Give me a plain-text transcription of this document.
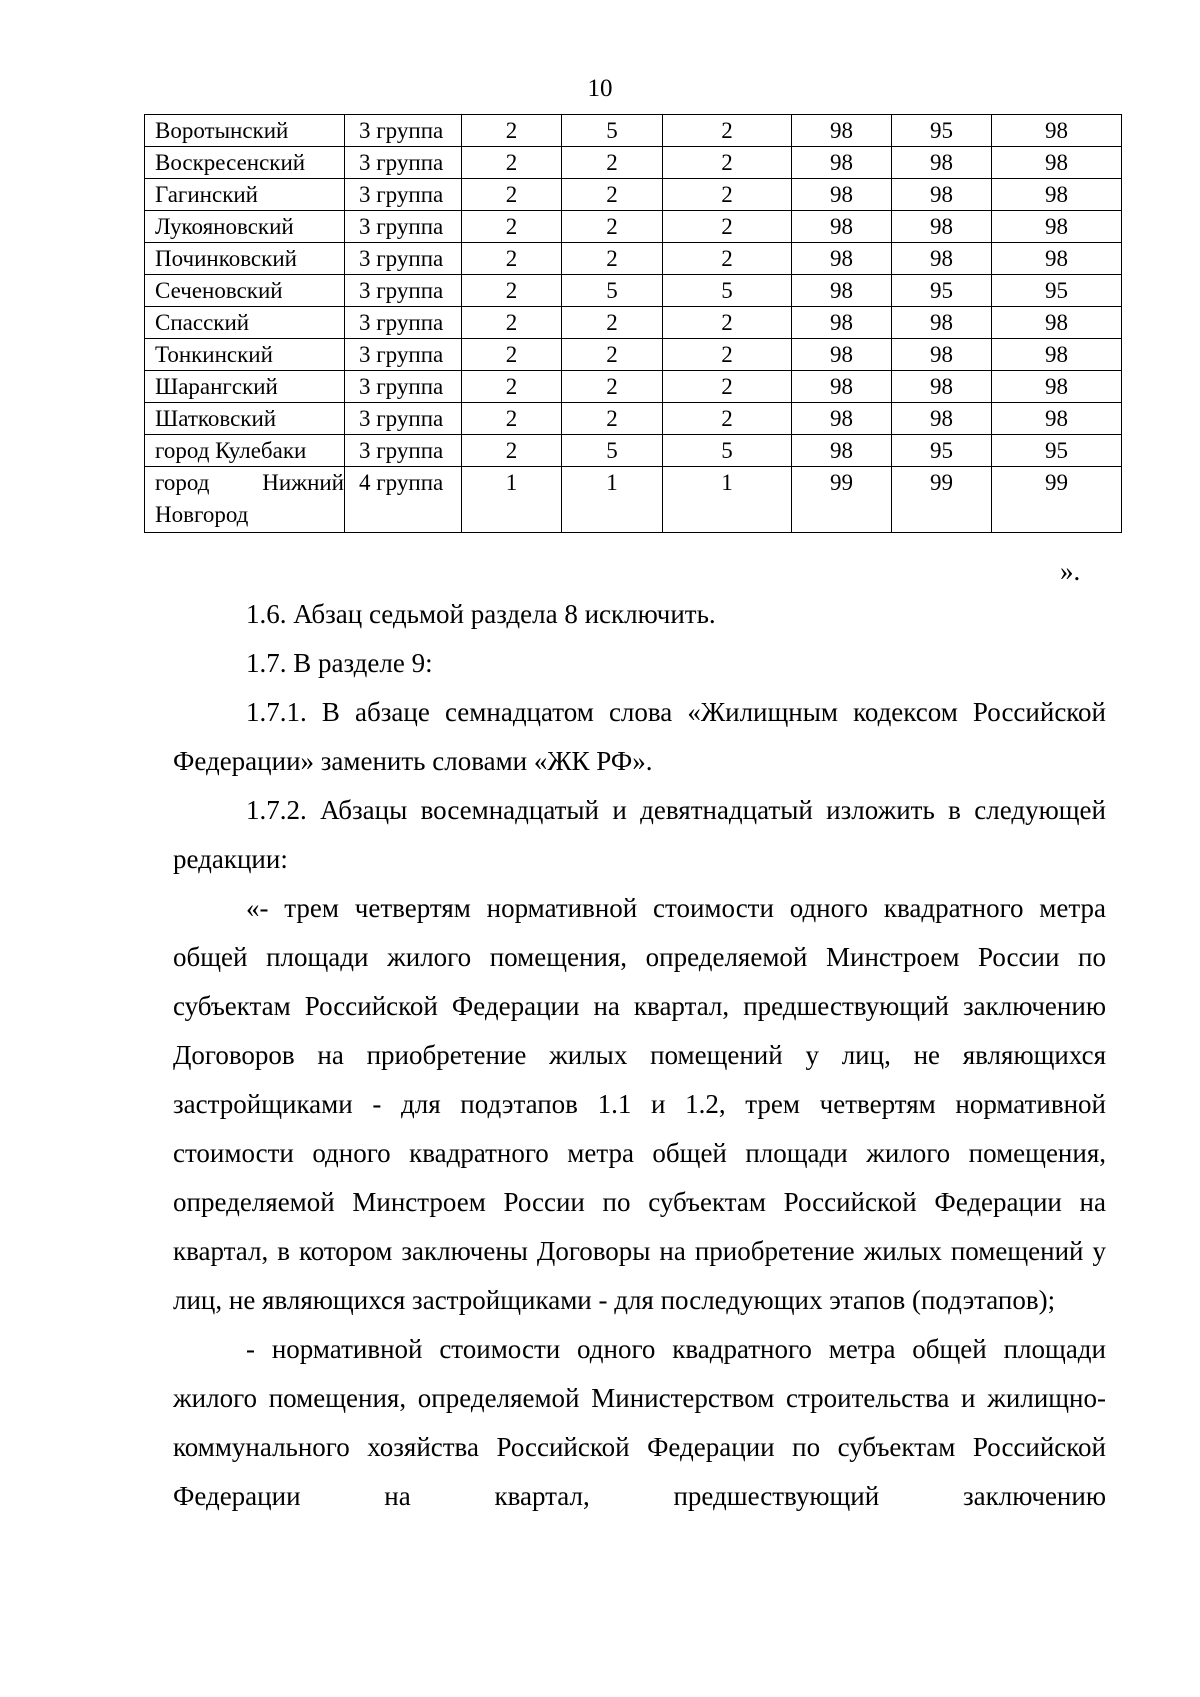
10
Воротынский	3 группа	2	5	2	98	95	98
Воскресенский	3 группа	2	2	2	98	98	98
Гагинский	3 группа	2	2	2	98	98	98
Лукояновский	3 группа	2	2	2	98	98	98
Починковский	3 группа	2	2	2	98	98	98
Сеченовский	3 группа	2	5	5	98	95	95
Спасский	3 группа	2	2	2	98	98	98
Тонкинский	3 группа	2	2	2	98	98	98
Шарангский	3 группа	2	2	2	98	98	98
Шатковский	3 группа	2	2	2	98	98	98
город Кулебаки	3 группа	2	5	5	98	95	95

город Нижний
Новгород	4 группа	1	1	1	99	99	99
».

1.6. Абзац седьмой раздела 8 исключить.

1.7. В разделе 9:

1.7.1. В абзаце семнадцатом слова «Жилищным кодексом Российской Федерации» заменить словами «ЖК РФ».

1.7.2. Абзацы восемнадцатый и девятнадцатый изложить в следующей редакции:

«- трем четвертям нормативной стоимости одного квадратного метра общей площади жилого помещения, определяемой Минстроем России по субъектам Российской Федерации на квартал, предшествующий заключению Договоров на приобретение жилых помещений у лиц, не являющихся застройщиками - для подэтапов 1.1 и 1.2, трем четвертям нормативной стоимости одного квадратного метра общей площади жилого помещения, определяемой Минстроем России по субъектам Российской Федерации на квартал, в котором заключены Договоры на приобретение жилых помещений у лиц, не являющихся застройщиками - для последующих этапов (подэтапов);

- нормативной стоимости одного квадратного метра общей площади жилого помещения, определяемой Министерством строительства и жилищно-коммунального хозяйства Российской Федерации по субъектам Российской Федерации на квартал, предшествующий заключению
